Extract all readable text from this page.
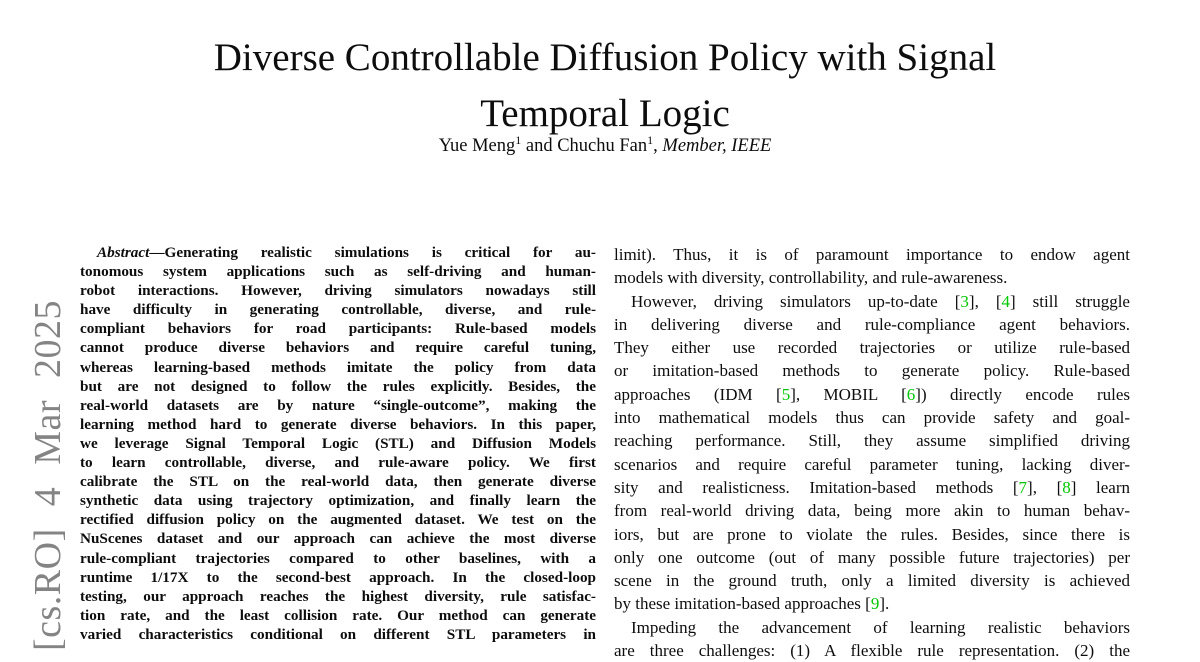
[cs.RO] 4 Mar 2025
Diverse Controllable Diffusion Policy with Signal
Temporal Logic
Yue Meng$^1$ and Chuchu Fan$^1$, Member, IEEE
Abstract—Generating realistic simulations is critical for au-
tonomous system applications such as self-driving and human-
robot interactions. However, driving simulators nowadays still
have difficulty in generating controllable, diverse, and rule-
compliant behaviors for road participants: Rule-based models
cannot produce diverse behaviors and require careful tuning,
whereas learning-based methods imitate the policy from data
but are not designed to follow the rules explicitly. Besides, the
real-world datasets are by nature “single-outcome”, making the
learning method hard to generate diverse behaviors. In this paper,
we leverage Signal Temporal Logic (STL) and Diffusion Models
to learn controllable, diverse, and rule-aware policy. We first
calibrate the STL on the real-world data, then generate diverse
synthetic data using trajectory optimization, and finally learn the
rectified diffusion policy on the augmented dataset. We test on the
NuScenes dataset and our approach can achieve the most diverse
rule-compliant trajectories compared to other baselines, with a
runtime 1/17X to the second-best approach. In the closed-loop
testing, our approach reaches the highest diversity, rule satisfac-
tion rate, and the least collision rate. Our method can generate
varied characteristics conditional on different STL parameters in
limit). Thus, it is of paramount importance to endow agent
models with diversity, controllability, and rule-awareness.
However, driving simulators up-to-date [3], [4] still struggle
in delivering diverse and rule-compliance agent behaviors.
They either use recorded trajectories or utilize rule-based
or imitation-based methods to generate policy. Rule-based
approaches (IDM [5], MOBIL [6]) directly encode rules
into mathematical models thus can provide safety and goal-
reaching performance. Still, they assume simplified driving
scenarios and require careful parameter tuning, lacking diver-
sity and realisticness. Imitation-based methods [7], [8] learn
from real-world driving data, being more akin to human behav-
iors, but are prone to violate the rules. Besides, since there is
only one outcome (out of many possible future trajectories) per
scene in the ground truth, only a limited diversity is achieved
by these imitation-based approaches [9].
Impeding the advancement of learning realistic behaviors
are three challenges: (1) A flexible rule representation. (2) the
